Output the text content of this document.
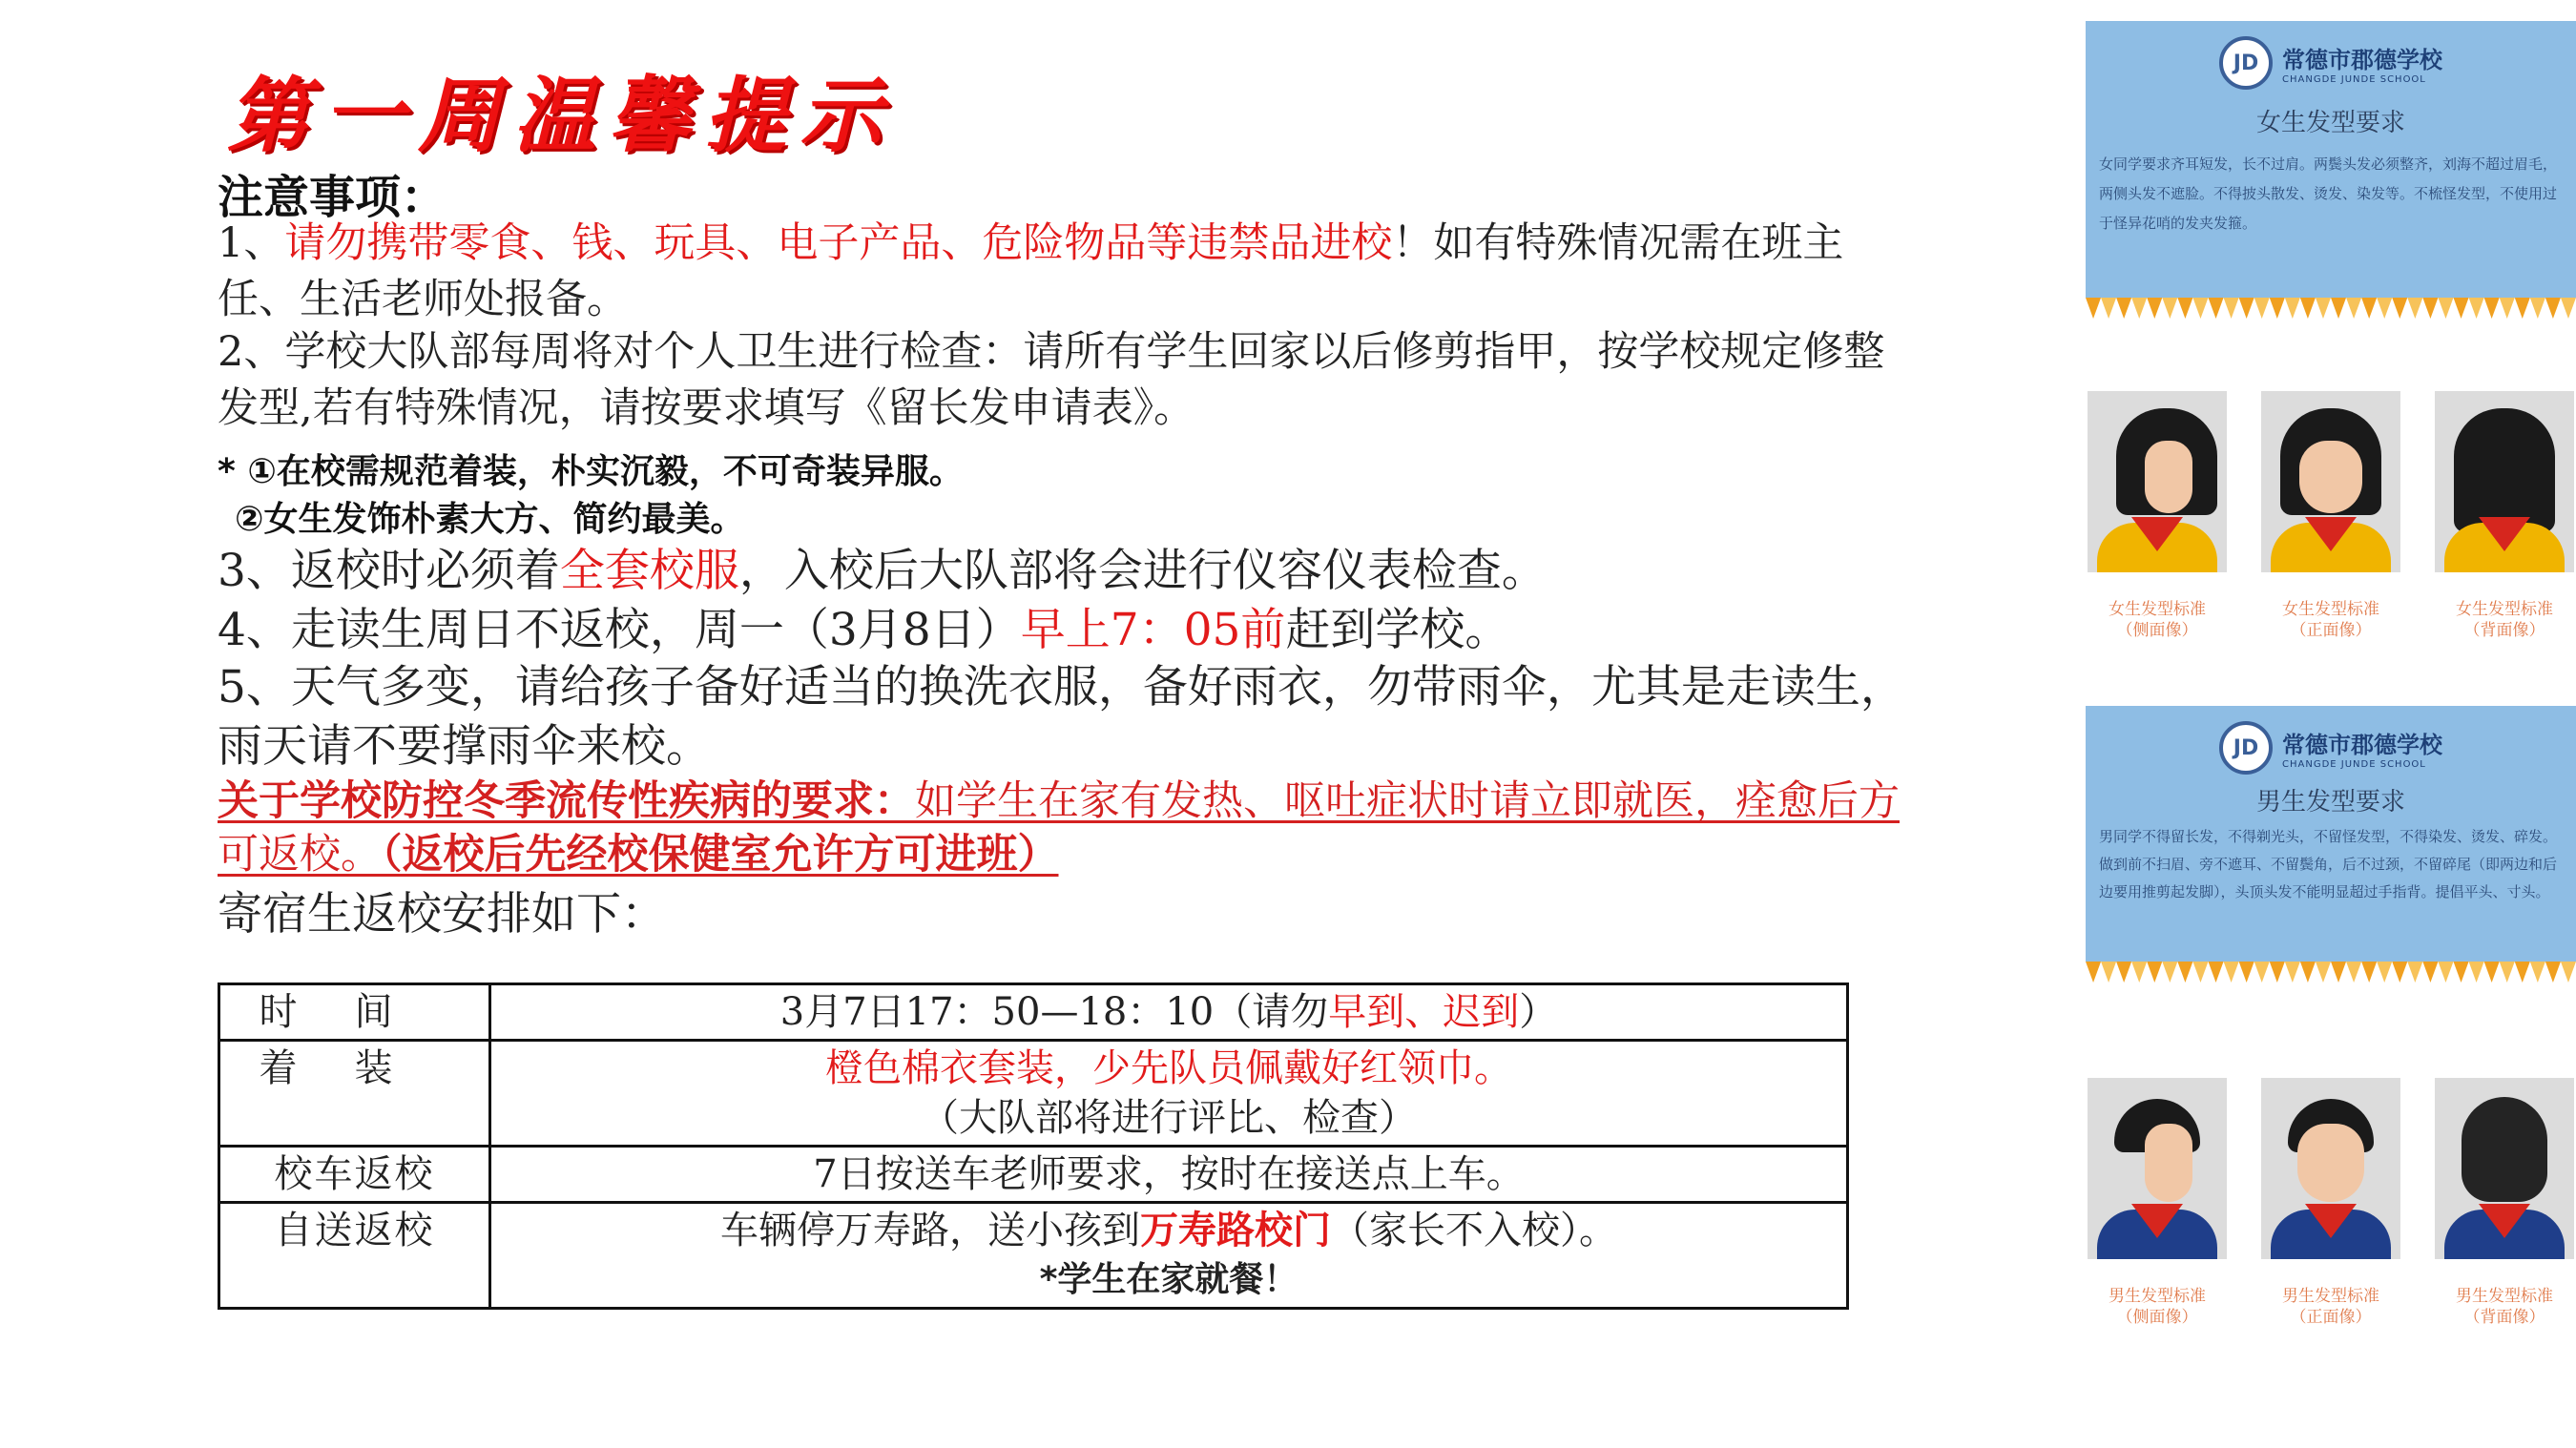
第一周温馨提示
注意事项：
1、请勿携带零食、钱、玩具、电子产品、危险物品等违禁品进校！如有特殊情况需在班主任、生活老师处报备。
2、学校大队部每周将对个人卫生进行检查：请所有学生回家以后修剪指甲，按学校规定修整发型,若有特殊情况，请按要求填写《留长发申请表》。
* ①在校需规范着装，朴实沉毅，不可奇装异服。
②女生发饰朴素大方、简约最美。
3、返校时必须着全套校服，入校后大队部将会进行仪容仪表检查。
4、走读生周日不返校，周一（3月8日）早上7：05前赶到学校。
5、天气多变，请给孩子备好适当的换洗衣服，备好雨衣，勿带雨伞，尤其是走读生，雨天请不要撑雨伞来校。
关于学校防控冬季流传性疾病的要求：如学生在家有发热、呕吐症状时请立即就医，痊愈后方可返校。（返校后先经校保健室允许方可进班）
寄宿生返校安排如下：
时间	3月7日17：50—18：10（请勿早到、迟到）
着装	橙色棉衣套装，少先队员佩戴好红领巾。
（大队部将进行评比、检查）

校车返校	7日按送车老师要求，按时在接送点上车。
自送返校	车辆停万寿路，送小孩到万寿路校门（家长不入校）。
*学生在家就餐！
JD	常德市郡德学校
CHANGDE JUNDE SCHOOL
女生发型要求
女同学要求齐耳短发，长不过肩。两鬓头发必须整齐，刘海不超过眉毛，两侧头发不遮脸。不得披头散发、烫发、染发等。不梳怪发型，不使用过于怪异花哨的发夹发箍。
女生发型标准
（侧面像）
女生发型标准
（正面像）
女生发型标准
（背面像）
JD	常德市郡德学校
CHANGDE JUNDE SCHOOL
男生发型要求
男同学不得留长发，不得剃光头，不留怪发型，不得染发、烫发、碎发。做到前不扫眉、旁不遮耳、不留鬓角，后不过颈，不留碎尾（即两边和后边要用推剪起发脚），头顶头发不能明显超过手指背。提倡平头、寸头。
男生发型标准
（侧面像）
男生发型标准
（正面像）
男生发型标准
（背面像）
